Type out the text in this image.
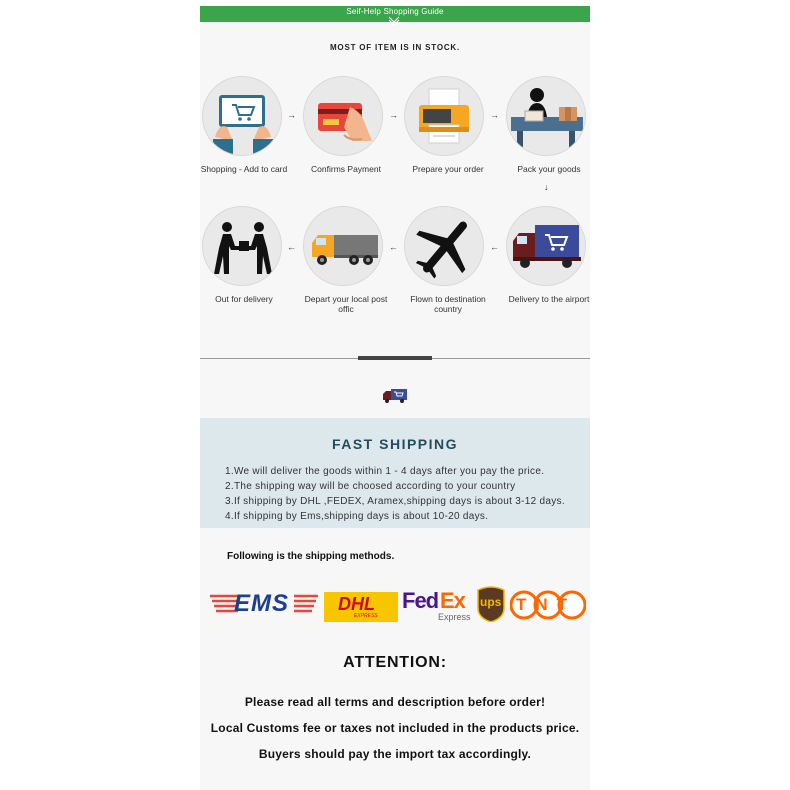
Seif-Help Shopping Guide
MOST OF ITEM IS IN STOCK.
Shopping - Add to card
→
Confirms Payment
→
Prepare your order
→
Pack your goods
↓
Out for delivery
←
Depart your local post offic
←
Flown to destination country
←
Delivery to the airport
FAST SHIPPING
1.We will deliver the goods within 1 - 4 days after you pay the price.
2.The shipping way will be choosed according to your country
3.If shipping by DHL ,FEDEX, Aramex,shipping days is about 3-12 days.
4.If shipping by Ems,shipping days is about 10-20 days.
Following is the shipping methods.
EMS	DHL
EXPRESS
Fed Ex
Express
ups TNT
ATTENTION:
Please read all terms and description before order!
Local Customs fee or taxes not included in the products price.
Buyers should pay the import tax accordingly.
